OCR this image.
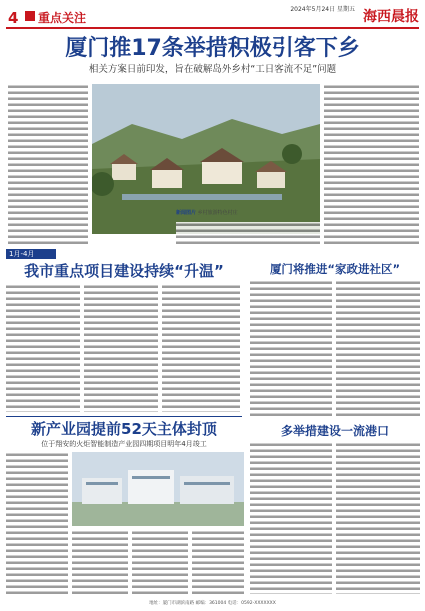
4 重点关注
2024年5月24日 星期五 海西晨报
厦门推17条举措积极引客下乡
相关方案日前印发，旨在破解岛外乡村“工日客流不足”问题
新闻图片 乡村旅游特色村庄
1月-4月
我市重点项目建设持续“升温”	厦门将推进“家政进社区”
新产业园提前52天主体封顶
位于翔安的火炬智能制造产业园四期项目明年4月竣工
多举措建设一流港口
地址：厦门市湖滨南路 邮编：361004 电话：0592-XXXXXXX
